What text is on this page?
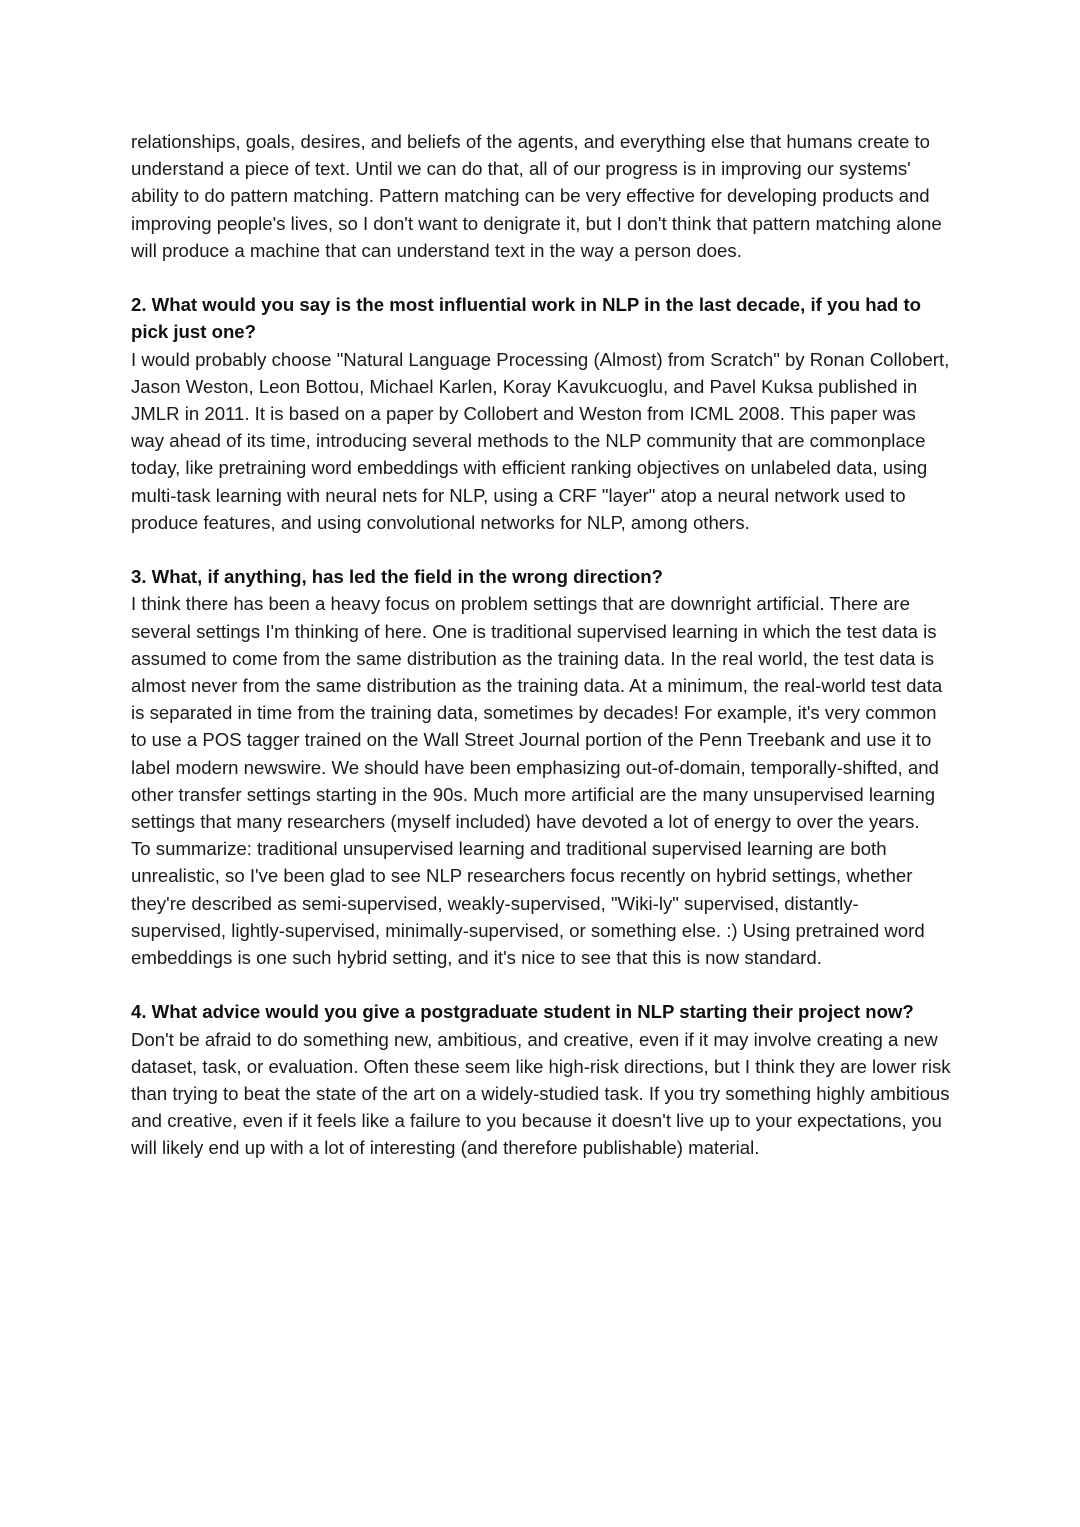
relationships, goals, desires, and beliefs of the agents, and everything else that humans create to understand a piece of text. Until we can do that, all of our progress is in improving our systems' ability to do pattern matching. Pattern matching can be very effective for developing products and improving people's lives, so I don't want to denigrate it, but I don't think that pattern matching alone will produce a machine that can understand text in the way a person does.

2. What would you say is the most influential work in NLP in the last decade, if you had to pick just one?

I would probably choose "Natural Language Processing (Almost) from Scratch" by Ronan Collobert, Jason Weston, Leon Bottou, Michael Karlen, Koray Kavukcuoglu, and Pavel Kuksa published in JMLR in 2011. It is based on a paper by Collobert and Weston from ICML 2008. This paper was way ahead of its time, introducing several methods to the NLP community that are commonplace today, like pretraining word embeddings with efficient ranking objectives on unlabeled data, using multi-task learning with neural nets for NLP, using a CRF "layer" atop a neural network used to produce features, and using convolutional networks for NLP, among others.

3. What, if anything, has led the field in the wrong direction?

I think there has been a heavy focus on problem settings that are downright artificial. There are several settings I'm thinking of here. One is traditional supervised learning in which the test data is assumed to come from the same distribution as the training data. In the real world, the test data is almost never from the same distribution as the training data. At a minimum, the real-world test data is separated in time from the training data, sometimes by decades! For example, it's very common to use a POS tagger trained on the Wall Street Journal portion of the Penn Treebank and use it to label modern newswire. We should have been emphasizing out-of-domain, temporally-shifted, and other transfer settings starting in the 90s. Much more artificial are the many unsupervised learning settings that many researchers (myself included) have devoted a lot of energy to over the years.

To summarize: traditional unsupervised learning and traditional supervised learning are both unrealistic, so I've been glad to see NLP researchers focus recently on hybrid settings, whether they're described as semi-supervised, weakly-supervised, "Wiki-ly" supervised, distantly-supervised, lightly-supervised, minimally-supervised, or something else. :) Using pretrained word embeddings is one such hybrid setting, and it's nice to see that this is now standard.

4. What advice would you give a postgraduate student in NLP starting their project now?

Don't be afraid to do something new, ambitious, and creative, even if it may involve creating a new dataset, task, or evaluation. Often these seem like high-risk directions, but I think they are lower risk than trying to beat the state of the art on a widely-studied task. If you try something highly ambitious and creative, even if it feels like a failure to you because it doesn't live up to your expectations, you will likely end up with a lot of interesting (and therefore publishable) material.
